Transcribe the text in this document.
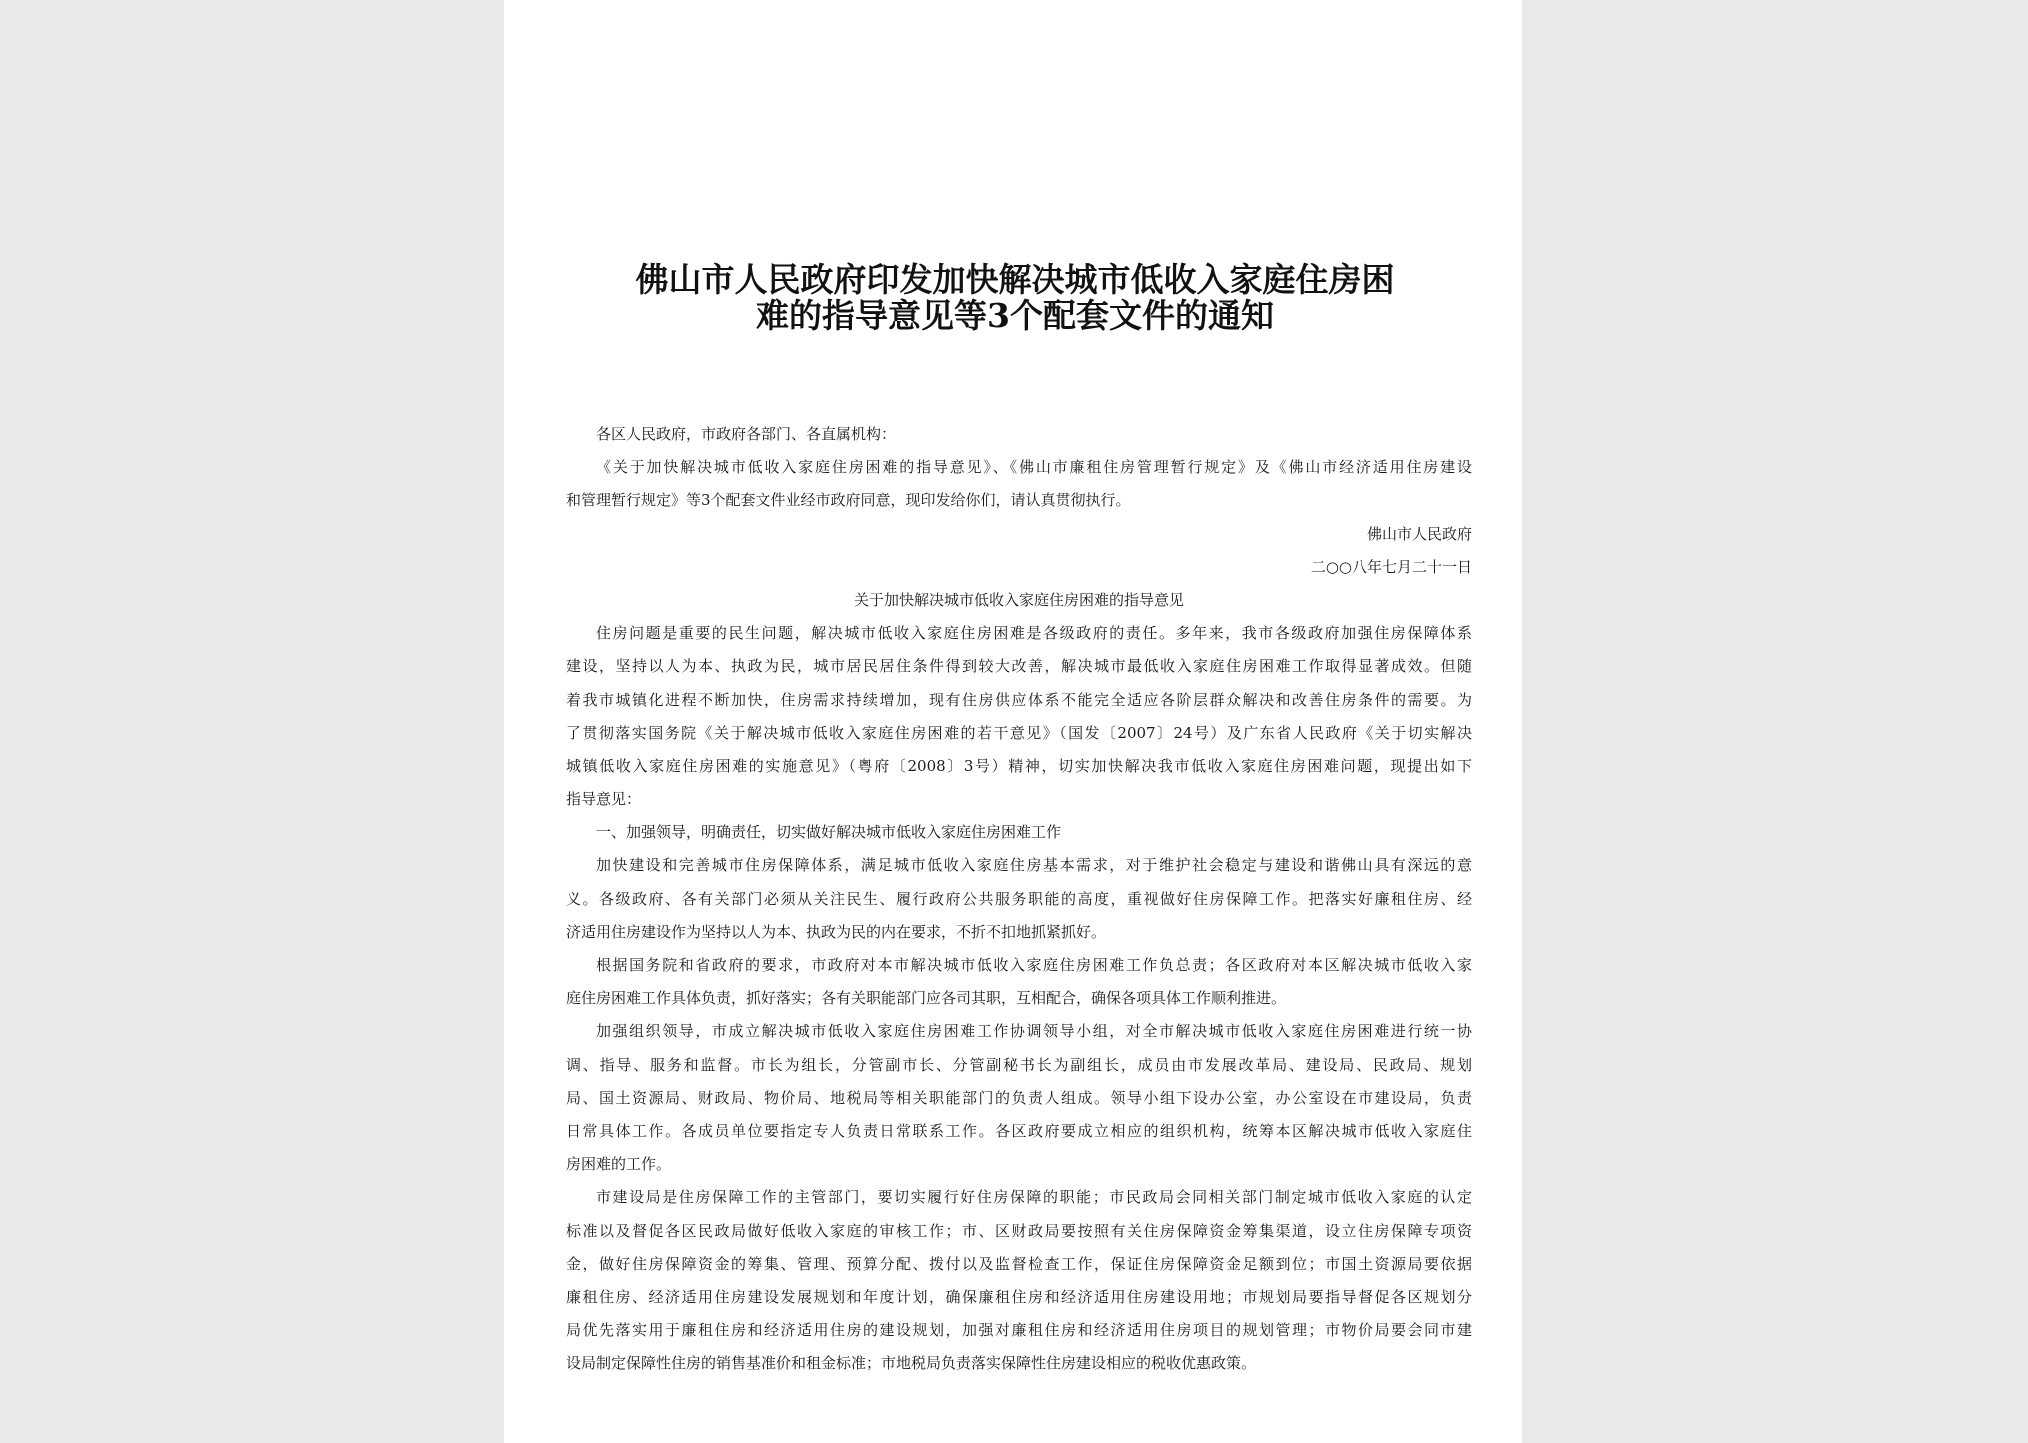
佛山市人民政府印发加快解决城市低收入家庭住房困
难的指导意见等3个配套文件的通知
各区人民政府，市政府各部门、各直属机构：
《关于加快解决城市低收入家庭住房困难的指导意见》、《佛山市廉租住房管理暂行规定》及《佛山市经济适用住房建设
和管理暂行规定》等3个配套文件业经市政府同意，现印发给你们，请认真贯彻执行。
佛山市人民政府
二○○八年七月二十一日
关于加快解决城市低收入家庭住房困难的指导意见
住房问题是重要的民生问题，解决城市低收入家庭住房困难是各级政府的责任。多年来，我市各级政府加强住房保障体系
建设，坚持以人为本、执政为民，城市居民居住条件得到较大改善，解决城市最低收入家庭住房困难工作取得显著成效。但随
着我市城镇化进程不断加快，住房需求持续增加，现有住房供应体系不能完全适应各阶层群众解决和改善住房条件的需要。为
了贯彻落实国务院《关于解决城市低收入家庭住房困难的若干意见》（国发〔2007〕24号）及广东省人民政府《关于切实解决
城镇低收入家庭住房困难的实施意见》（粤府〔2008〕3号）精神，切实加快解决我市低收入家庭住房困难问题，现提出如下
指导意见：
一、加强领导，明确责任，切实做好解决城市低收入家庭住房困难工作
加快建设和完善城市住房保障体系，满足城市低收入家庭住房基本需求，对于维护社会稳定与建设和谐佛山具有深远的意
义。各级政府、各有关部门必须从关注民生、履行政府公共服务职能的高度，重视做好住房保障工作。把落实好廉租住房、经
济适用住房建设作为坚持以人为本、执政为民的内在要求，不折不扣地抓紧抓好。
根据国务院和省政府的要求，市政府对本市解决城市低收入家庭住房困难工作负总责；各区政府对本区解决城市低收入家
庭住房困难工作具体负责，抓好落实；各有关职能部门应各司其职，互相配合，确保各项具体工作顺利推进。
加强组织领导，市成立解决城市低收入家庭住房困难工作协调领导小组，对全市解决城市低收入家庭住房困难进行统一协
调、指导、服务和监督。市长为组长，分管副市长、分管副秘书长为副组长，成员由市发展改革局、建设局、民政局、规划
局、国土资源局、财政局、物价局、地税局等相关职能部门的负责人组成。领导小组下设办公室，办公室设在市建设局，负责
日常具体工作。各成员单位要指定专人负责日常联系工作。各区政府要成立相应的组织机构，统筹本区解决城市低收入家庭住
房困难的工作。
市建设局是住房保障工作的主管部门，要切实履行好住房保障的职能；市民政局会同相关部门制定城市低收入家庭的认定
标准以及督促各区民政局做好低收入家庭的审核工作；市、区财政局要按照有关住房保障资金筹集渠道，设立住房保障专项资
金，做好住房保障资金的筹集、管理、预算分配、拨付以及监督检查工作，保证住房保障资金足额到位；市国土资源局要依据
廉租住房、经济适用住房建设发展规划和年度计划，确保廉租住房和经济适用住房建设用地；市规划局要指导督促各区规划分
局优先落实用于廉租住房和经济适用住房的建设规划，加强对廉租住房和经济适用住房项目的规划管理；市物价局要会同市建
设局制定保障性住房的销售基准价和租金标准；市地税局负责落实保障性住房建设相应的税收优惠政策。
